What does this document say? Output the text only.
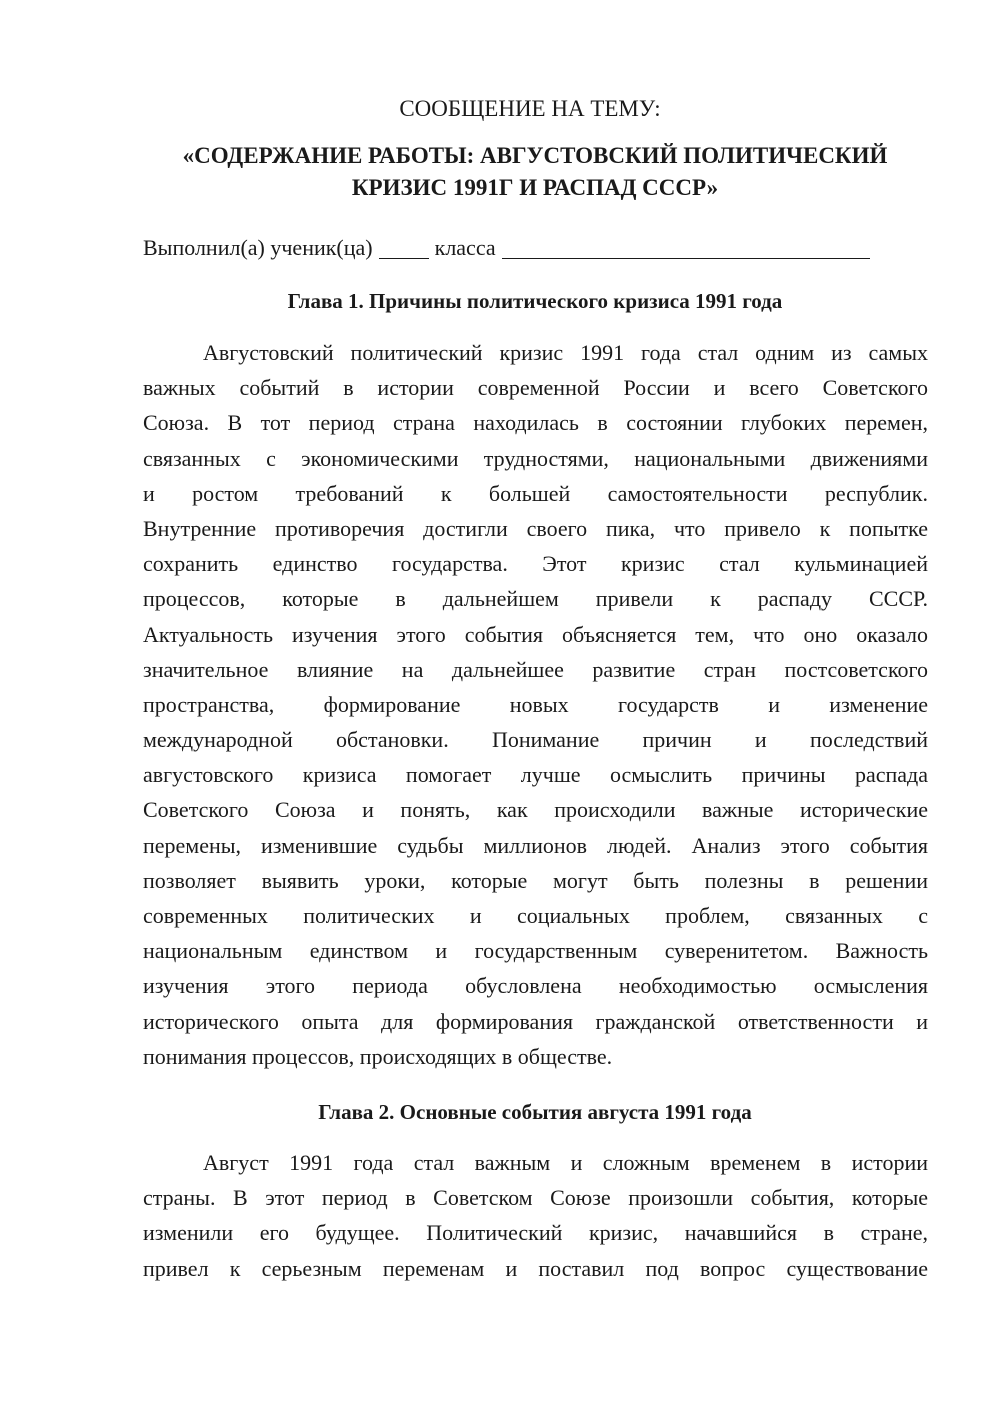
СООБЩЕНИЕ НА ТЕМУ:
«СОДЕРЖАНИЕ РАБОТЫ: АВГУСТОВСКИЙ ПОЛИТИЧЕСКИЙ
КРИЗИС 1991Г И РАСПАД СССР»
Выполнил(а) ученик(ца)	класса
Глава 1. Причины политического кризиса 1991 года
Августовский политический кризис 1991 года стал одним из самых
важных событий в истории современной России и всего Советского
Союза. В тот период страна находилась в состоянии глубоких перемен,
связанных с экономическими трудностями, национальными движениями
и ростом требований к большей самостоятельности республик.
Внутренние противоречия достигли своего пика, что привело к попытке
сохранить единство государства. Этот кризис стал кульминацией
процессов, которые в дальнейшем привели к распаду СССР.
Актуальность изучения этого события объясняется тем, что оно оказало
значительное влияние на дальнейшее развитие стран постсоветского
пространства, формирование новых государств и изменение
международной обстановки. Понимание причин и последствий
августовского кризиса помогает лучше осмыслить причины распада
Советского Союза и понять, как происходили важные исторические
перемены, изменившие судьбы миллионов людей. Анализ этого события
позволяет выявить уроки, которые могут быть полезны в решении
современных политических и социальных проблем, связанных с
национальным единством и государственным суверенитетом. Важность
изучения этого периода обусловлена необходимостью осмысления
исторического опыта для формирования гражданской ответственности и
понимания процессов, происходящих в обществе.
Глава 2. Основные события августа 1991 года
Август 1991 года стал важным и сложным временем в истории
страны. В этот период в Советском Союзе произошли события, которые
изменили его будущее. Политический кризис, начавшийся в стране,
привел к серьезным переменам и поставил под вопрос существование
